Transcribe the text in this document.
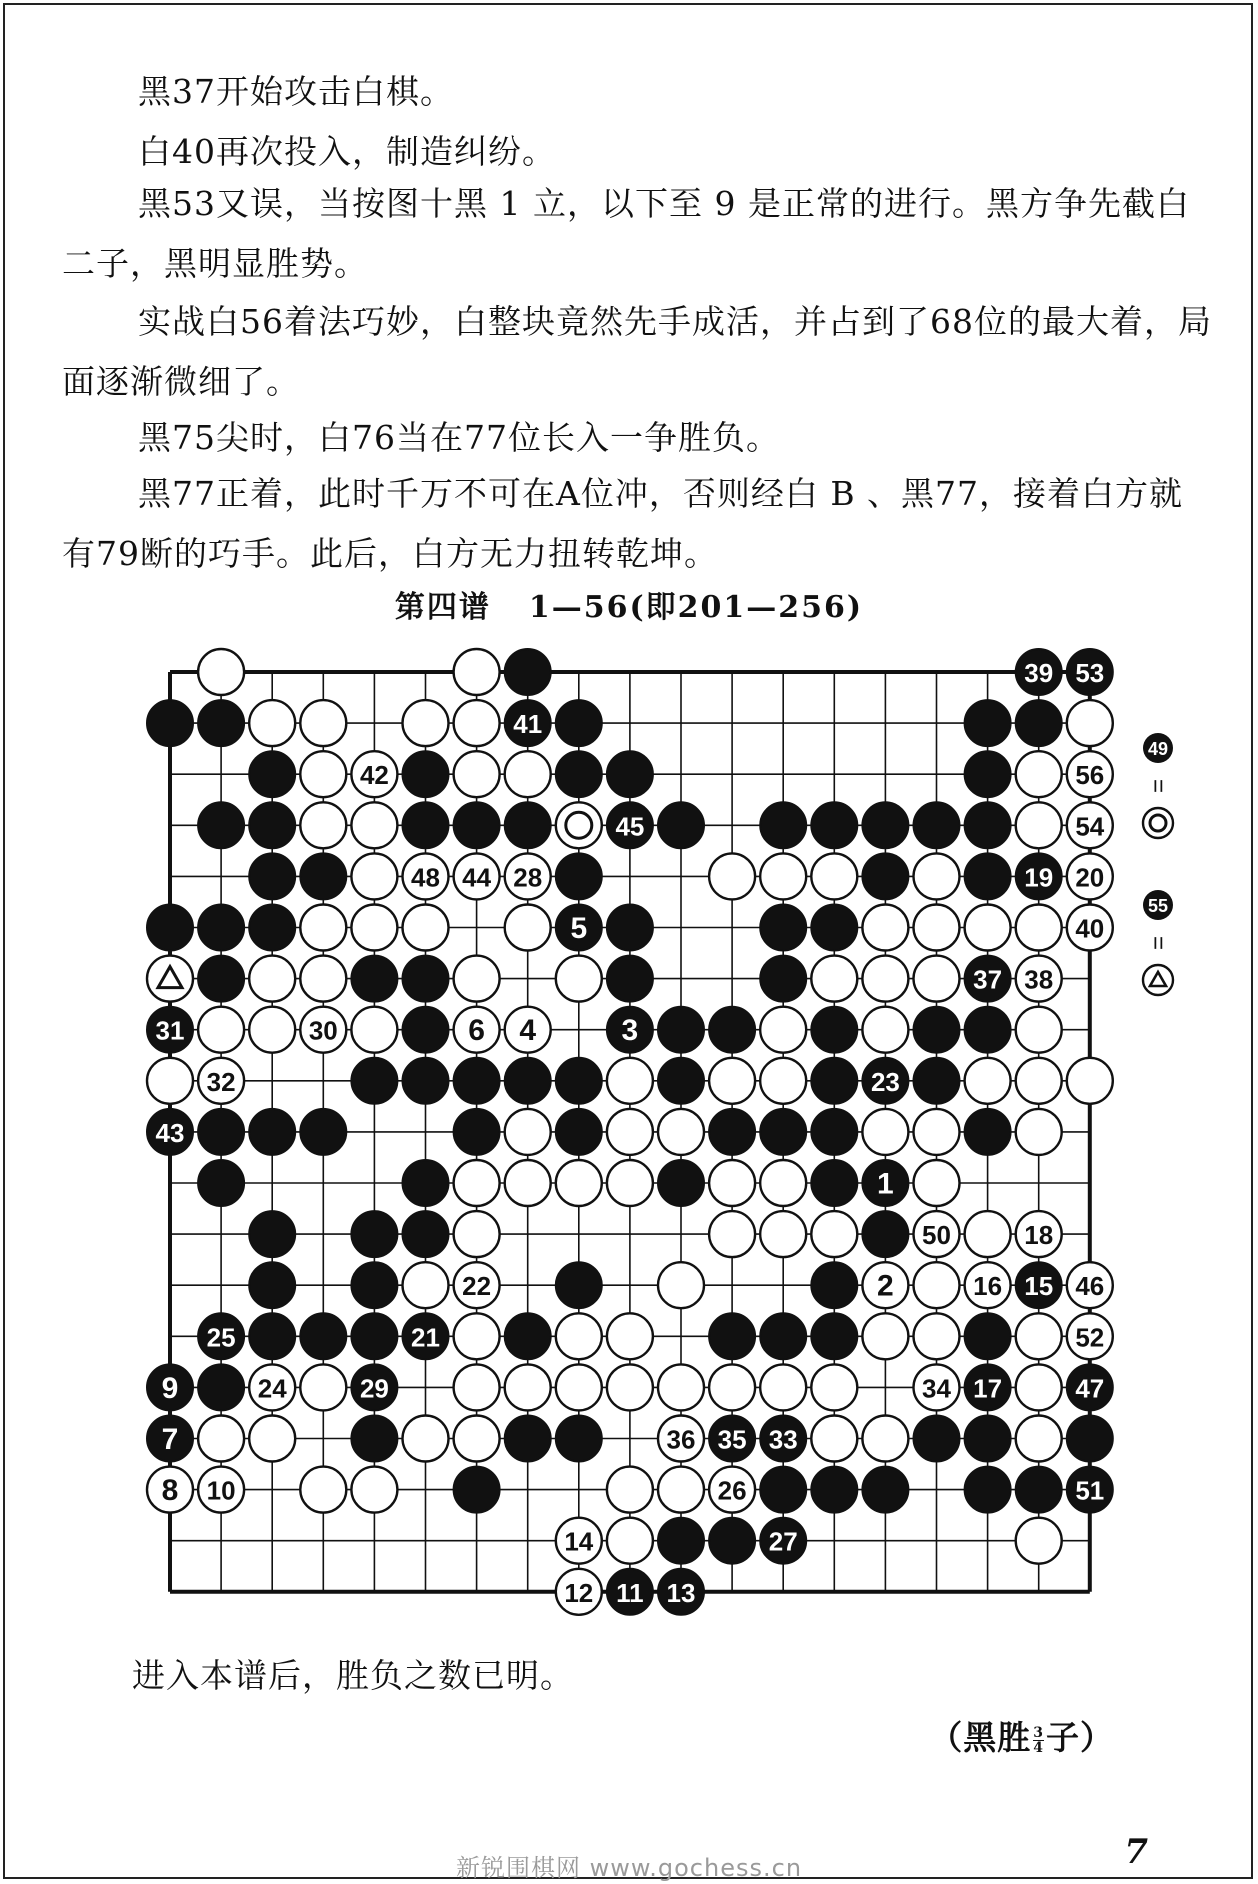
黑37开始攻击白棋。

白40再次投入，制造纠纷。

黑53又误，当按图十黑 1 立，以下至 9 是正常的进行。黑方争先截白二子，黑明显胜势。

实战白56着法巧妙，白整块竟然先手成活，并占到了68位的最大着，局面逐渐微细了。

黑75尖时，白76当在77位长入一争胜负。

黑77正着，此时千万不可在A位冲，否则经白 B 、黑77，接着白方就有79断的巧手。此后，白方无力扭转乾坤。

第四谱 1—56(即201—256)
39 53
41
42	56
45	54
48 44 28	19 20
5	40
37 38
31	30	6 4	3
32	23
43
1
50	18
22	2	16 15 46
25	21	52
9	24	29	34 17	47
7	36 35 33
8 10	26	51
14	27
12 11 13
49
=
55
=
进入本谱后，胜负之数已明。
（黑胜 $\frac{3}{4}$ 子）
新锐围棋网 www.gochess.cn	7
